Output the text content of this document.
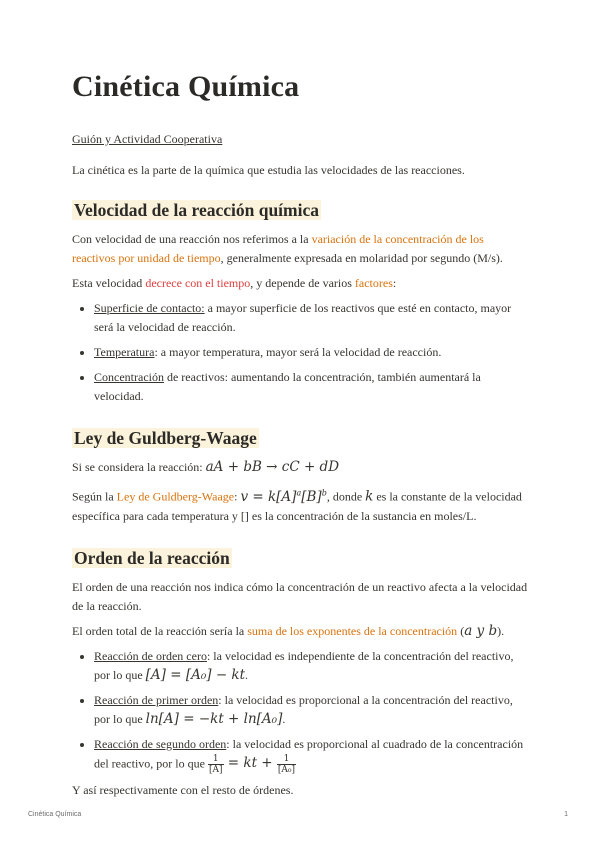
Cinética Química

Guión y Actividad Cooperativa

La cinética es la parte de la química que estudia las velocidades de las reacciones.

Velocidad de la reacción química

Con velocidad de una reacción nos referimos a la variación de la concentración de los reactivos por unidad de tiempo, generalmente expresada en molaridad por segundo (M/s).

Esta velocidad decrece con el tiempo, y depende de varios factores:

• Superficie de contacto: a mayor superficie de los reactivos que esté en contacto, mayor será la velocidad de reacción.
• Temperatura: a mayor temperatura, mayor será la velocidad de reacción.
• Concentración de reactivos: aumentando la concentración, también aumentará la velocidad.
Ley de Guldberg-Waage

Si se considera la reacción: aA + bB → cC + dD

Según la Ley de Guldberg-Waage: $v = k[A]^a[B]^b$, donde k es la constante de la velocidad específica para cada temperatura y [] es la concentración de la sustancia en moles/L.

Orden de la reacción

El orden de una reacción nos indica cómo la concentración de un reactivo afecta a la velocidad de la reacción.

El orden total de la reacción sería la suma de los exponentes de la concentración (a y b).

• Reacción de orden cero: la velocidad es independiente de la concentración del reactivo, por lo que [A] = [A₀] − kt.
• Reacción de primer orden: la velocidad es proporcional a la concentración del reactivo, por lo que ln[A] = −kt + ln[A₀].
• Reacción de segundo orden: la velocidad es proporcional al cuadrado de la concentración del reactivo, por lo que $\frac{1}{[A]}$ = kt + $\frac{1}{\text{[A₀]}}$

Y así respectivamente con el resto de órdenes.

Cinética Química	1
